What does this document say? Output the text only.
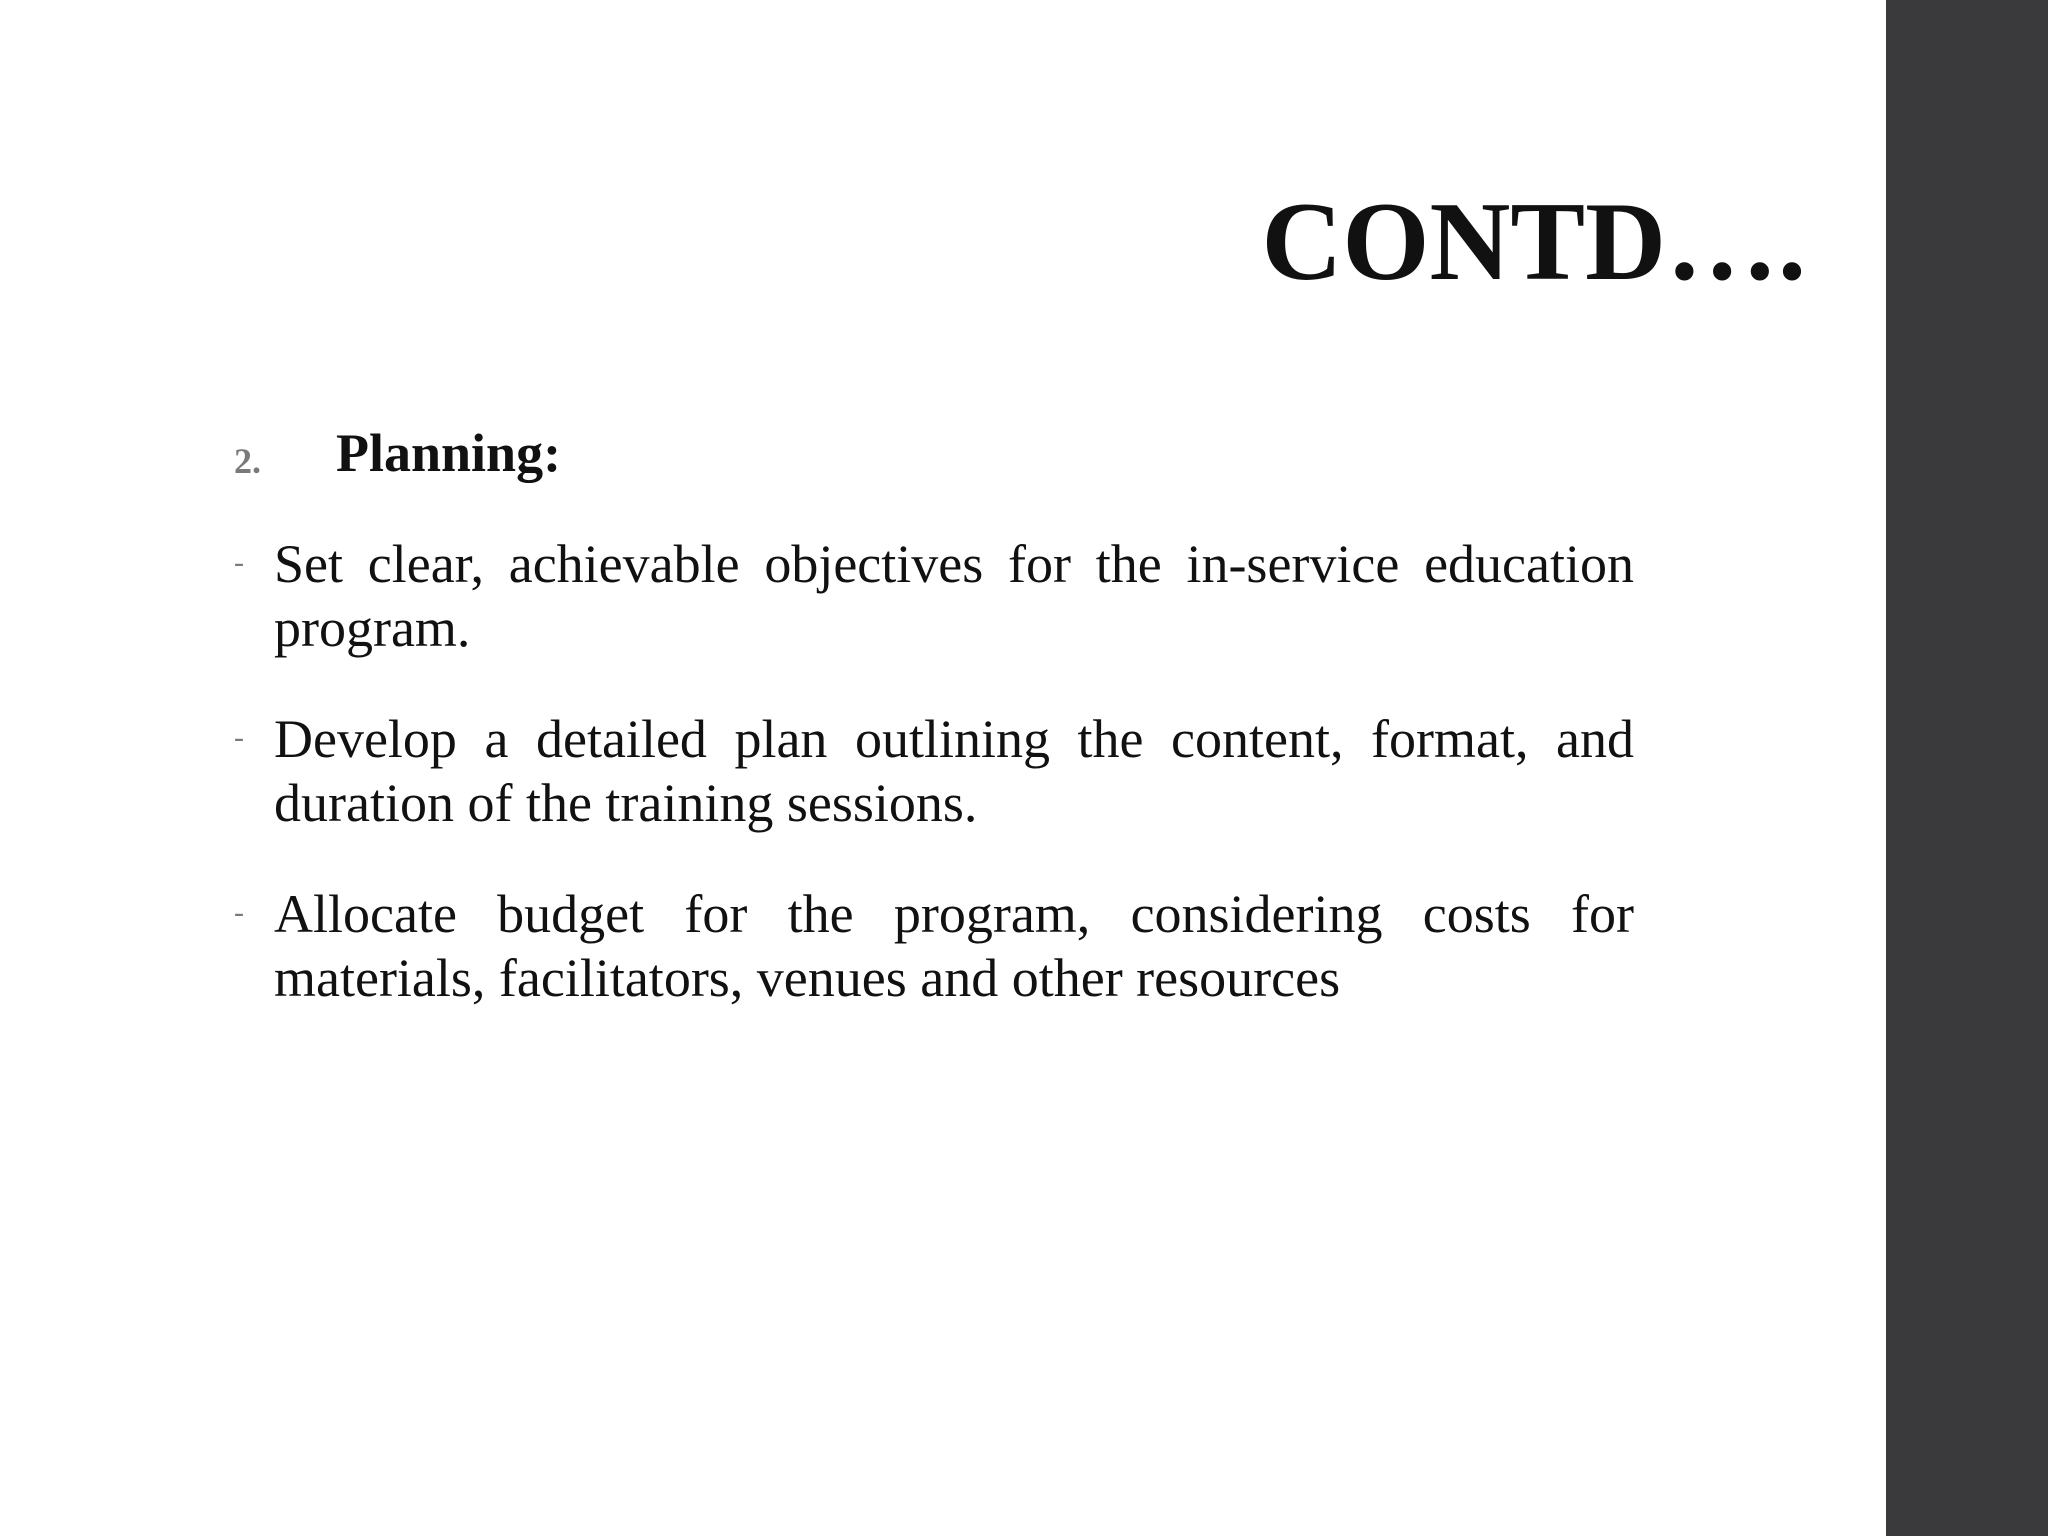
CONTD….
2. Planning:
- Set clear, achievable objectives for the in-service education program.

- Develop a detailed plan outlining the content, format, and duration of the training sessions.

- Allocate budget for the program, considering costs for materials, facilitators, venues and other resources
